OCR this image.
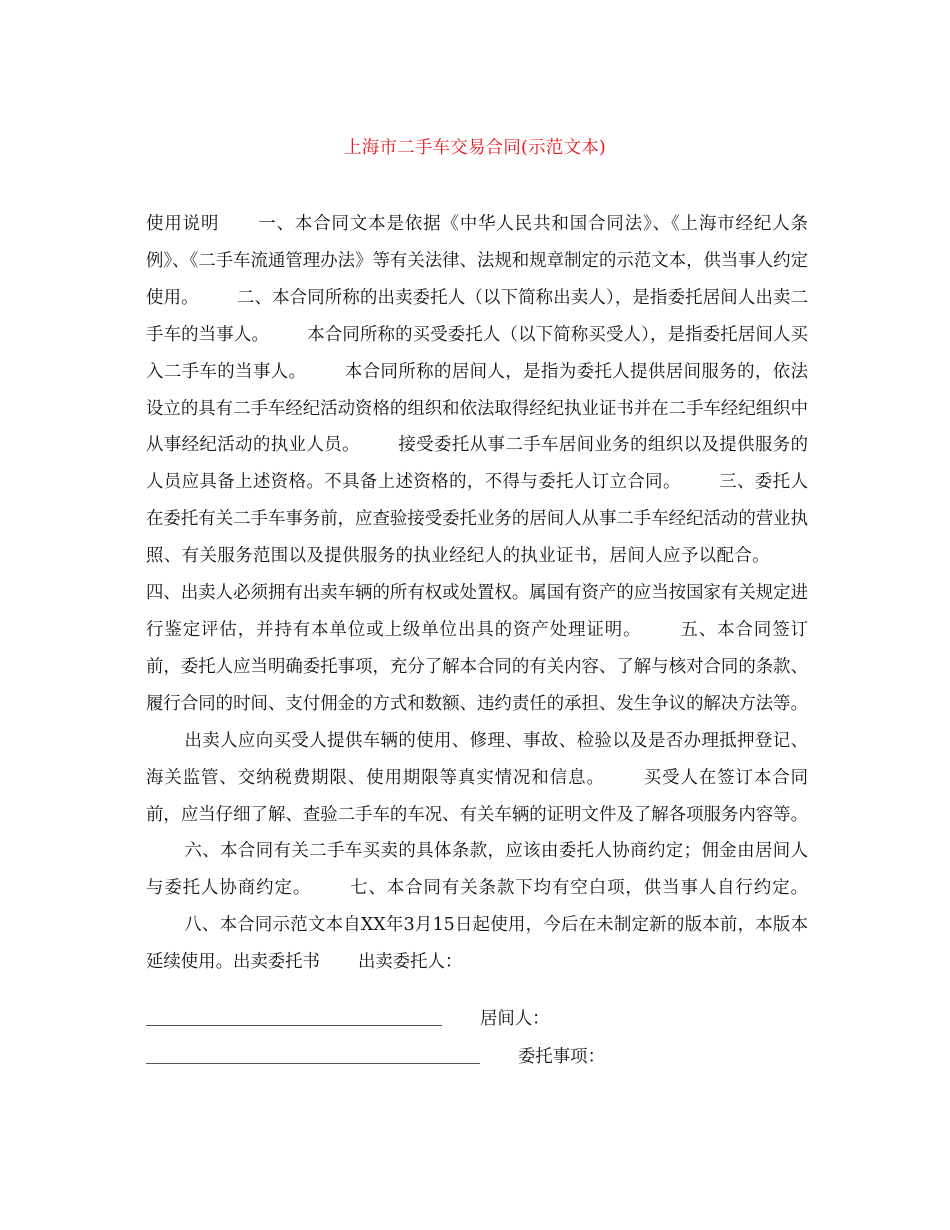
上海市二手车交易合同(示范文本)
使用说明 一、本合同文本是依据《中华人民共和国合同法》、《上海市经纪人条例》、《二手车流通管理办法》等有关法律、法规和规章制定的示范文本，供当事人约定使用。 二、本合同所称的出卖委托人（以下简称出卖人），是指委托居间人出卖二手车的当事人。 本合同所称的买受委托人（以下简称买受人），是指委托居间人买入二手车的当事人。 本合同所称的居间人，是指为委托人提供居间服务的，依法设立的具有二手车经纪活动资格的组织和依法取得经纪执业证书并在二手车经纪组织中从事经纪活动的执业人员。 接受委托从事二手车居间业务的组织以及提供服务的人员应具备上述资格。不具备上述资格的，不得与委托人订立合同。 三、委托人在委托有关二手车事务前，应查验接受委托业务的居间人从事二手车经纪活动的营业执照、有关服务范围以及提供服务的执业经纪人的执业证书，居间人应予以配合。四、出卖人必须拥有出卖车辆的所有权或处置权。属国有资产的应当按国家有关规定进行鉴定评估，并持有本单位或上级单位出具的资产处理证明。 五、本合同签订前，委托人应当明确委托事项，充分了解本合同的有关内容、了解与核对合同的条款、履行合同的时间、支付佣金的方式和数额、违约责任的承担、发生争议的解决方法等。出卖人应向买受人提供车辆的使用、修理、事故、检验以及是否办理抵押登记、海关监管、交纳税费期限、使用期限等真实情况和信息。 买受人在签订本合同前，应当仔细了解、查验二手车的车况、有关车辆的证明文件及了解各项服务内容等。六、本合同有关二手车买卖的具体条款，应该由委托人协商约定；佣金由居间人与委托人协商约定。 七、本合同有关条款下均有空白项，供当事人自行约定。八、本合同示范文本自XX年3月15日起使用，今后在未制定新的版本前，本版本延续使用。出卖委托书 出卖委托人：
居间人：
委托事项：
